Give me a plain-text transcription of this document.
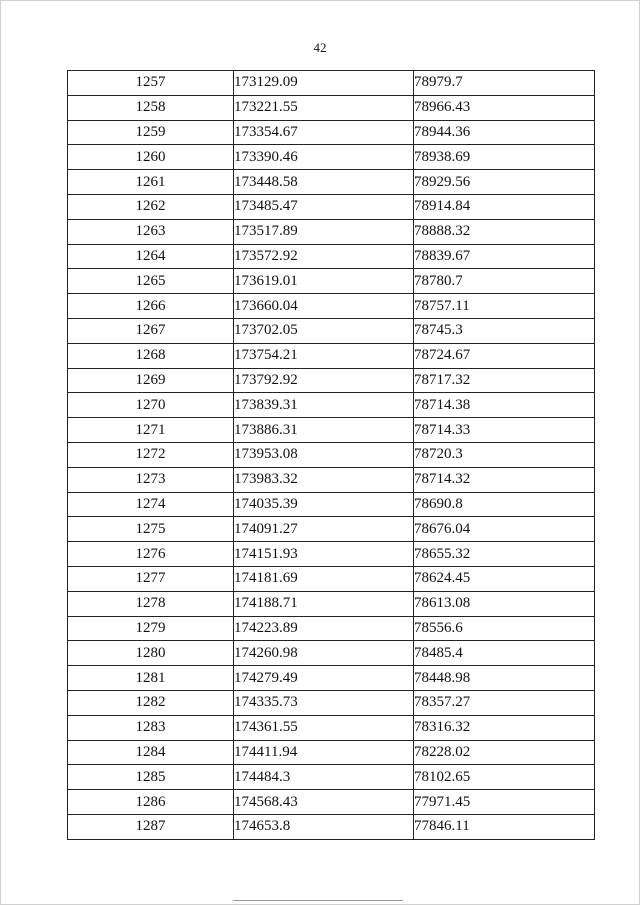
42
1257	173129.09	78979.7
1258	173221.55	78966.43
1259	173354.67	78944.36
1260	173390.46	78938.69
1261	173448.58	78929.56
1262	173485.47	78914.84
1263	173517.89	78888.32
1264	173572.92	78839.67
1265	173619.01	78780.7
1266	173660.04	78757.11
1267	173702.05	78745.3
1268	173754.21	78724.67
1269	173792.92	78717.32
1270	173839.31	78714.38
1271	173886.31	78714.33
1272	173953.08	78720.3
1273	173983.32	78714.32
1274	174035.39	78690.8
1275	174091.27	78676.04
1276	174151.93	78655.32
1277	174181.69	78624.45
1278	174188.71	78613.08
1279	174223.89	78556.6
1280	174260.98	78485.4
1281	174279.49	78448.98
1282	174335.73	78357.27
1283	174361.55	78316.32
1284	174411.94	78228.02
1285	174484.3	78102.65
1286	174568.43	77971.45
1287	174653.8	77846.11
